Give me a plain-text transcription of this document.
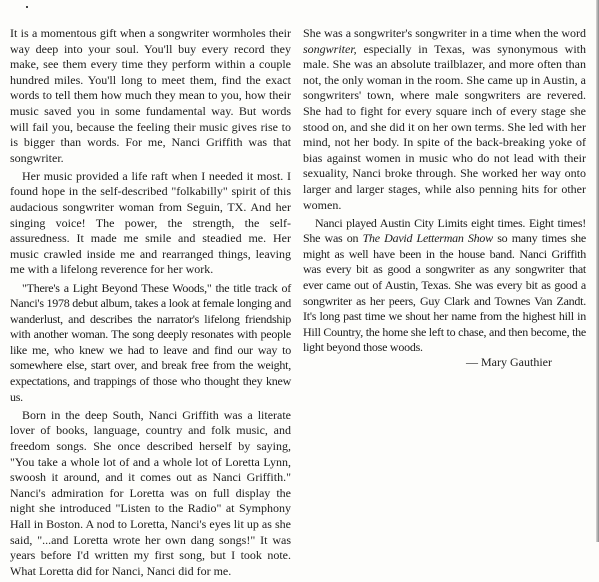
It is a momentous gift when a songwriter wormholes their way deep into your soul. You'll buy every record they make, see them every time they perform within a couple hundred miles. You'll long to meet them, find the exact words to tell them how much they mean to you, how their music saved you in some fundamental way. But words will fail you, because the feeling their music gives rise to is bigger than words. For me, Nanci Griffith was that songwriter.

Her music provided a life raft when I needed it most. I found hope in the self-described "folkabilly" spirit of this audacious songwriter woman from Seguin, TX. And her singing voice! The power, the strength, the self-assuredness. It made me smile and steadied me. Her music crawled inside me and rearranged things, leaving me with a lifelong reverence for her work.

"There's a Light Beyond These Woods," the title track of Nanci's 1978 debut album, takes a look at female longing and wanderlust, and describes the narrator's lifelong friendship with another woman. The song deeply resonates with people like me, who knew we had to leave and find our way to somewhere else, start over, and break free from the weight, expectations, and trappings of those who thought they knew us.

Born in the deep South, Nanci Griffith was a literate lover of books, language, country and folk music, and freedom songs. She once described herself by saying, "You take a whole lot of and a whole lot of Loretta Lynn, swoosh it around, and it comes out as Nanci Griffith." Nanci's admiration for Loretta was on full display the night she introduced "Listen to the Radio" at Symphony Hall in Boston. A nod to Loretta, Nanci's eyes lit up as she said, "...and Loretta wrote her own dang songs!" It was years before I'd written my first song, but I took note. What Loretta did for Nanci, Nanci did for me.

She was a songwriter's songwriter in a time when the word songwriter, especially in Texas, was synonymous with male. She was an absolute trailblazer, and more often than not, the only woman in the room. She came up in Austin, a songwriters' town, where male songwriters are revered. She had to fight for every square inch of every stage she stood on, and she did it on her own terms. She led with her mind, not her body. In spite of the back-breaking yoke of bias against women in music who do not lead with their sexuality, Nanci broke through. She worked her way onto larger and larger stages, while also penning hits for other women.

Nanci played Austin City Limits eight times. Eight times! She was on The David Letterman Show so many times she might as well have been in the house band. Nanci Griffith was every bit as good a songwriter as any songwriter that ever came out of Austin, Texas. She was every bit as good a songwriter as her peers, Guy Clark and Townes Van Zandt. It's long past time we shout her name from the highest hill in Hill Country, the home she left to chase, and then become, the light beyond those woods.

— Mary Gauthier
